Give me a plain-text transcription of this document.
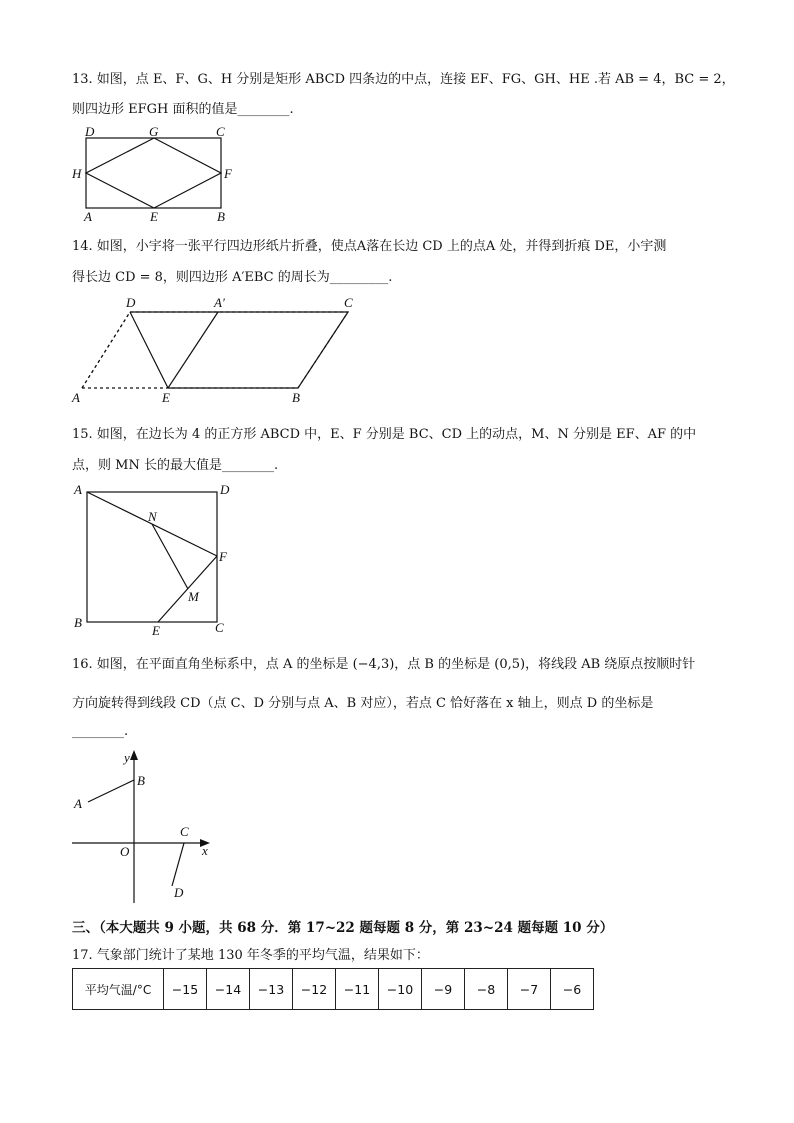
13. 如图，点 E、F、G、H 分别是矩形 ABCD 四条边的中点，连接 EF、FG、GH、HE .若 AB = 4，BC = 2，
则四边形 EFGH 面积的值是________.
D	G	C
H	F
A	E	B
14. 如图，小宇将一张平行四边形纸片折叠，使点A落在长边 CD 上的点A 处，并得到折痕 DE，小宇测
得长边 CD = 8，则四边形 A′EBC 的周长为_________.
D	A′	C
A	E	B
15. 如图，在边长为 4 的正方形 ABCD 中，E、F 分别是 BC、CD 上的动点，M、N 分别是 EF、AF 的中
点，则 MN 长的最大值是________.
A	D
N
F
M
B
E	C
16. 如图，在平面直角坐标系中，点 A 的坐标是 (−4,3)，点 B 的坐标是 (0,5)，将线段 AB 绕原点按顺时针
方向旋转得到线段 CD（点 C、D 分别与点 A、B 对应），若点 C 恰好落在 x 轴上，则点 D 的坐标是
________.
y
B
A
C
O	x
D
三、（本大题共 9 小题，共 68 分．第 17~22 题每题 8 分，第 23~24 题每题 10 分）
17. 气象部门统计了某地 130 年冬季的平均气温，结果如下：
平均气温/°C	−15	−14	−13	−12	−11	−10	−9	−8	−7	−6
